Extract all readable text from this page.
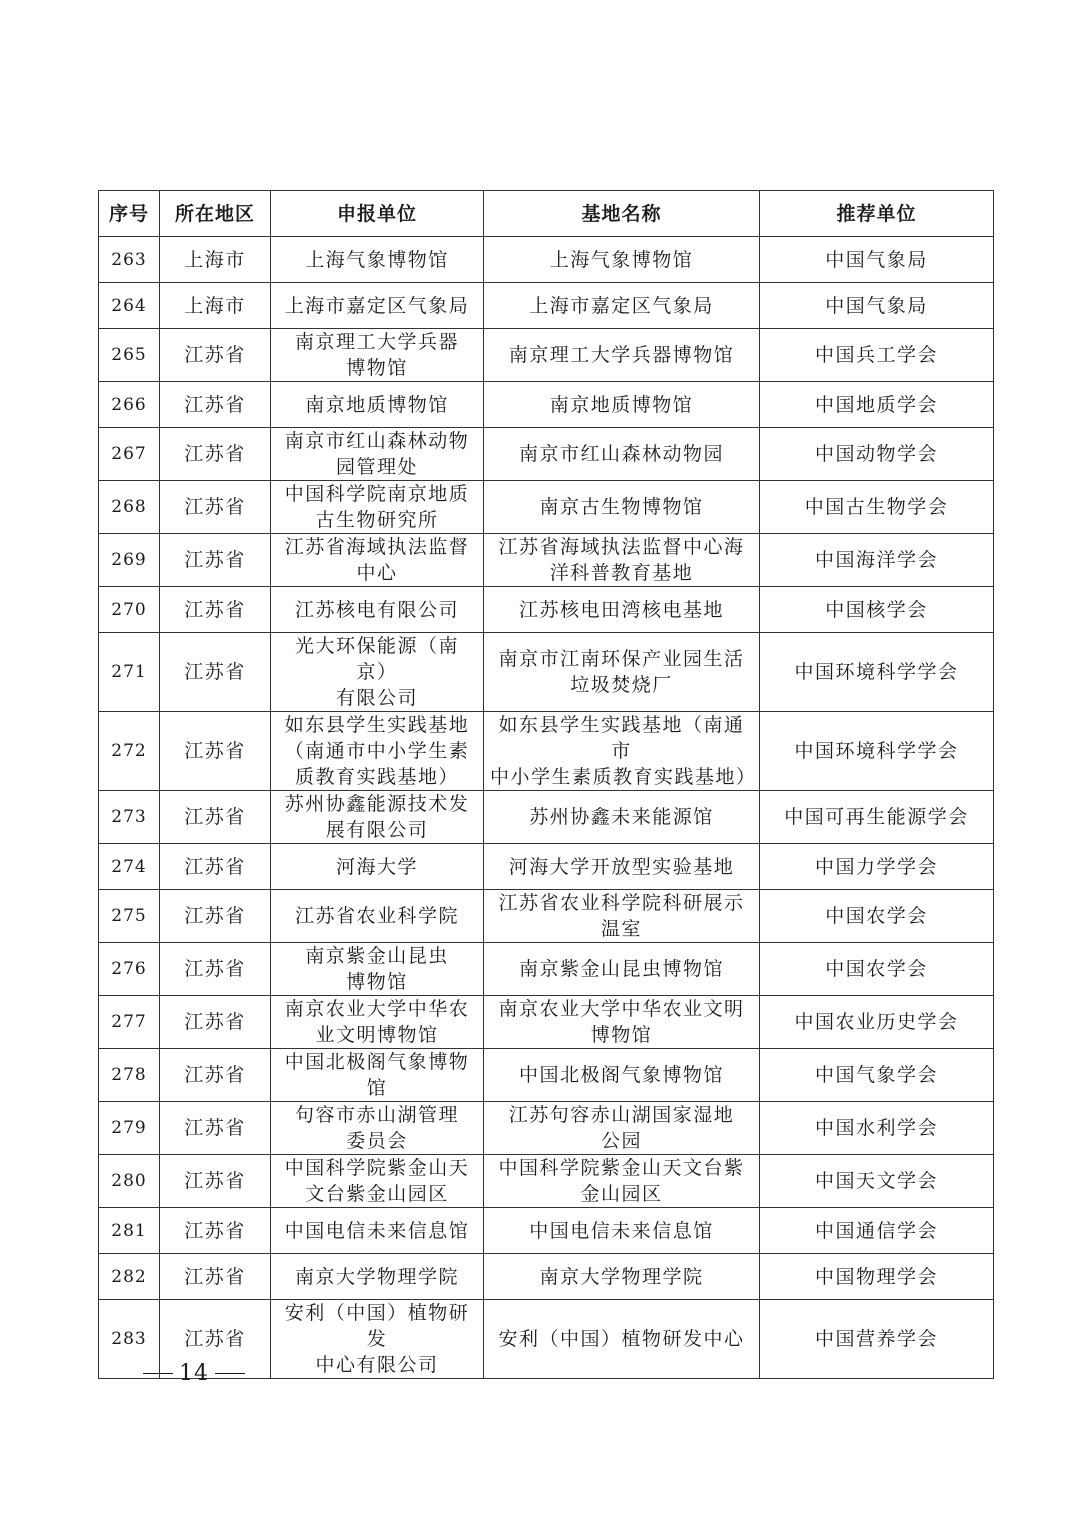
序号	所在地区	申报单位	基地名称	推荐单位
263	上海市	上海气象博物馆	上海气象博物馆	中国气象局
264	上海市	上海市嘉定区气象局	上海市嘉定区气象局	中国气象局
265	江苏省	南京理工大学兵器
博物馆	南京理工大学兵器博物馆	中国兵工学会
266	江苏省	南京地质博物馆	南京地质博物馆	中国地质学会
267	江苏省	南京市红山森林动物
园管理处	南京市红山森林动物园	中国动物学会
268	江苏省	中国科学院南京地质
古生物研究所	南京古生物博物馆	中国古生物学会
269	江苏省	江苏省海域执法监督
中心	江苏省海域执法监督中心海
洋科普教育基地	中国海洋学会
270	江苏省	江苏核电有限公司	江苏核电田湾核电基地	中国核学会
271	江苏省	光大环保能源（南京）
有限公司	南京市江南环保产业园生活
垃圾焚烧厂	中国环境科学学会
272	江苏省	如东县学生实践基地
（南通市中小学生素
质教育实践基地）	如东县学生实践基地（南通市
中小学生素质教育实践基地）	中国环境科学学会
273	江苏省	苏州协鑫能源技术发
展有限公司	苏州协鑫未来能源馆	中国可再生能源学会
274	江苏省	河海大学	河海大学开放型实验基地	中国力学学会
275	江苏省	江苏省农业科学院	江苏省农业科学院科研展示
温室	中国农学会
276	江苏省	南京紫金山昆虫
博物馆	南京紫金山昆虫博物馆	中国农学会
277	江苏省	南京农业大学中华农
业文明博物馆	南京农业大学中华农业文明
博物馆	中国农业历史学会
278	江苏省	中国北极阁气象博物
馆	中国北极阁气象博物馆	中国气象学会
279	江苏省	句容市赤山湖管理
委员会	江苏句容赤山湖国家湿地
公园	中国水利学会
280	江苏省	中国科学院紫金山天
文台紫金山园区	中国科学院紫金山天文台紫
金山园区	中国天文学会
281	江苏省	中国电信未来信息馆	中国电信未来信息馆	中国通信学会
282	江苏省	南京大学物理学院	南京大学物理学院	中国物理学会
283	江苏省	安利（中国）植物研发
中心有限公司	安利（中国）植物研发中心	中国营养学会
14
